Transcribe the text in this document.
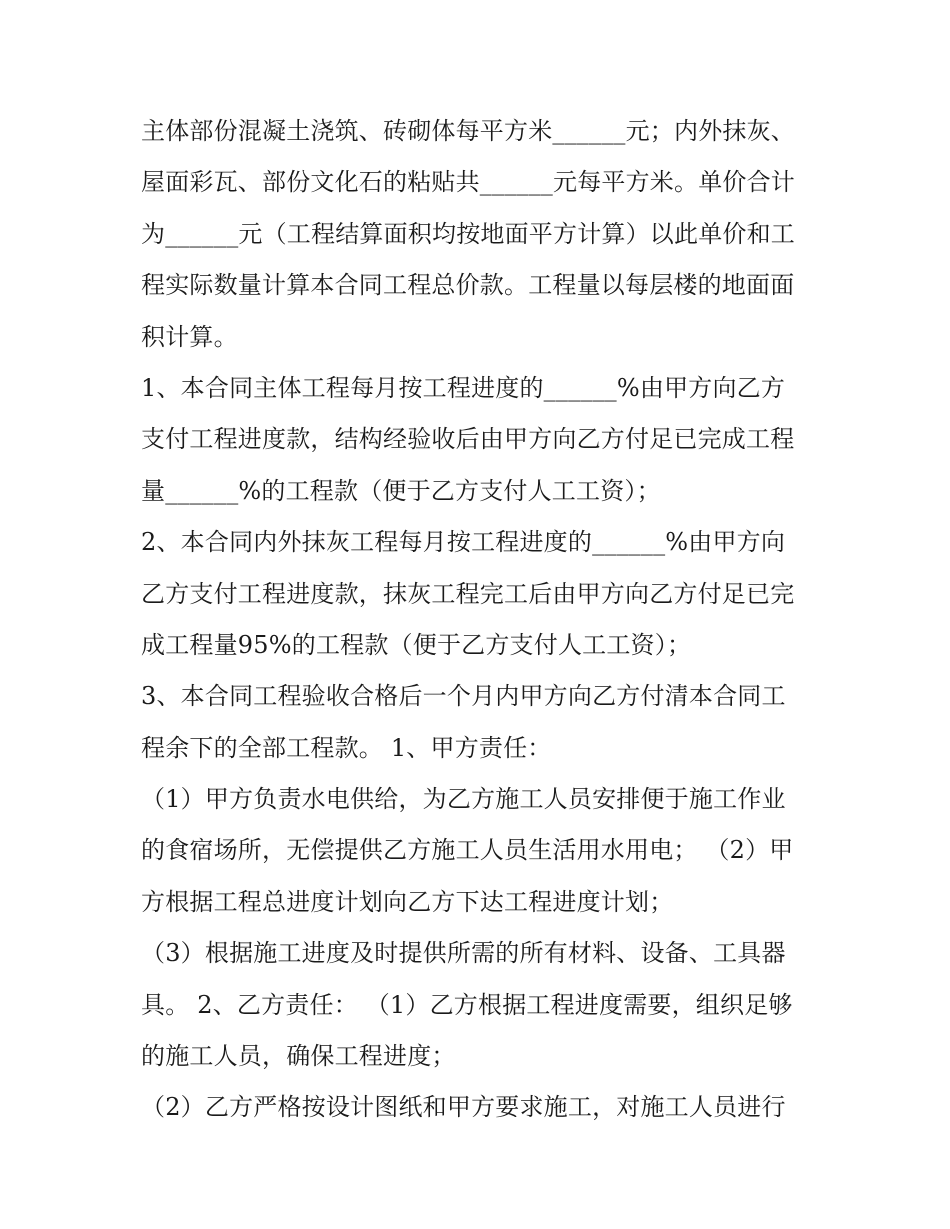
主体部份混凝土浇筑、砖砌体每平方米______元；内外抹灰、
屋面彩瓦、部份文化石的粘贴共______元每平方米。单价合计
为______元（工程结算面积均按地面平方计算）以此单价和工
程实际数量计算本合同工程总价款。工程量以每层楼的地面面
积计算。
1、本合同主体工程每月按工程进度的______%由甲方向乙方
支付工程进度款，结构经验收后由甲方向乙方付足已完成工程
量______%的工程款（便于乙方支付人工工资）；
2、本合同内外抹灰工程每月按工程进度的______%由甲方向
乙方支付工程进度款，抹灰工程完工后由甲方向乙方付足已完
成工程量95%的工程款（便于乙方支付人工工资）；
3、本合同工程验收合格后一个月内甲方向乙方付清本合同工
程余下的全部工程款。 1、甲方责任：
（1）甲方负责水电供给，为乙方施工人员安排便于施工作业
的食宿场所，无偿提供乙方施工人员生活用水用电； （2）甲
方根据工程总进度计划向乙方下达工程进度计划；
（3）根据施工进度及时提供所需的所有材料、设备、工具器
具。 2、乙方责任： （1）乙方根据工程进度需要，组织足够
的施工人员，确保工程进度；
（2）乙方严格按设计图纸和甲方要求施工，对施工人员进行
